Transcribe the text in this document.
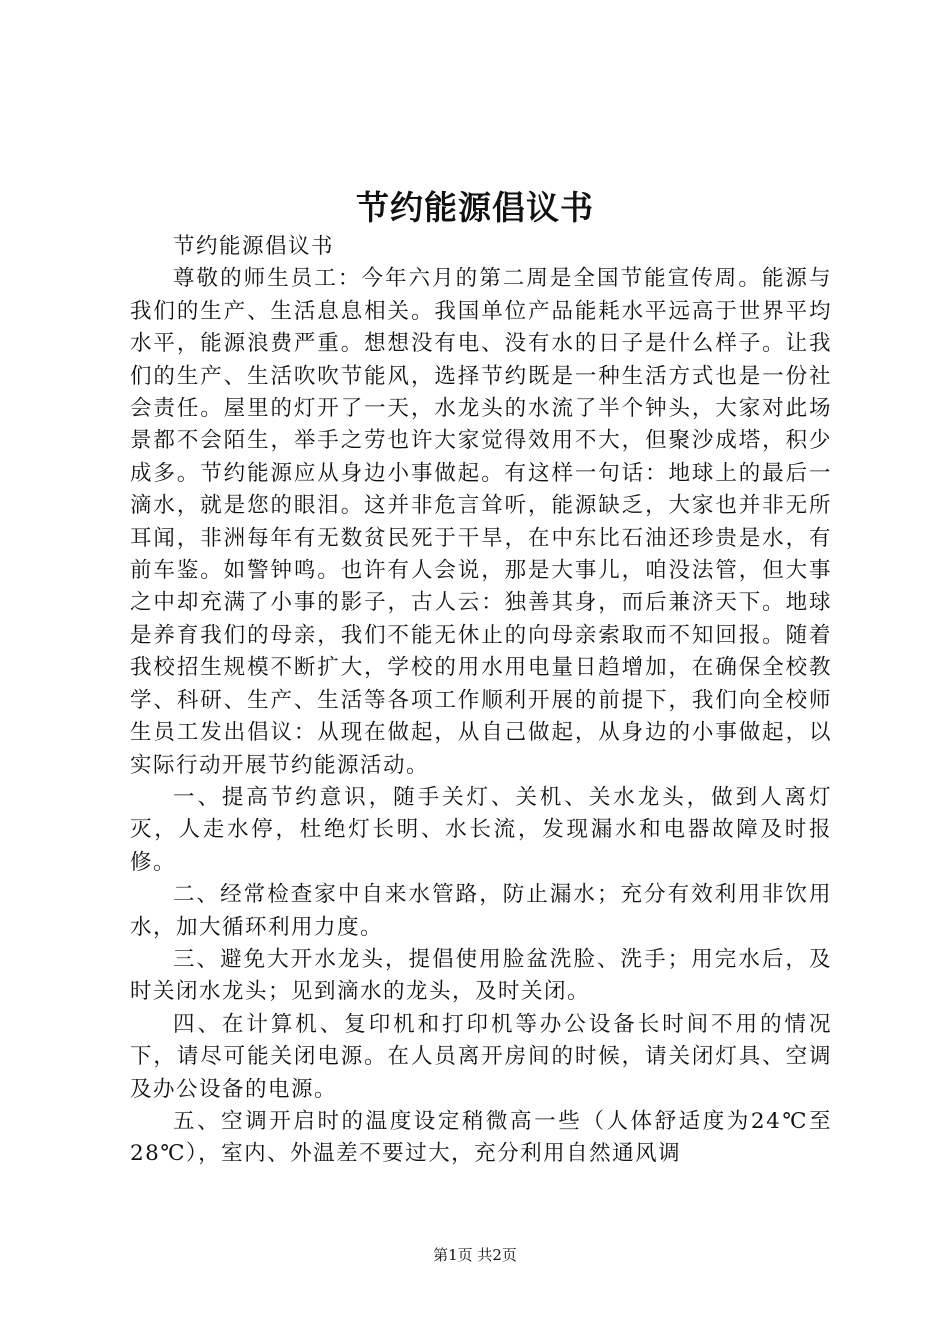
节约能源倡议书

节约能源倡议书

尊敬的师生员工：今年六月的第二周是全国节能宣传周。能源与我们的生产、生活息息相关。我国单位产品能耗水平远高于世界平均水平，能源浪费严重。想想没有电、没有水的日子是什么样子。让我们的生产、生活吹吹节能风，选择节约既是一种生活方式也是一份社会责任。屋里的灯开了一天，水龙头的水流了半个钟头，大家对此场景都不会陌生，举手之劳也许大家觉得效用不大，但聚沙成塔，积少成多。节约能源应从身边小事做起。有这样一句话：地球上的最后一滴水，就是您的眼泪。这并非危言耸听，能源缺乏，大家也并非无所耳闻，非洲每年有无数贫民死于干旱，在中东比石油还珍贵是水，有前车鉴。如警钟鸣。也许有人会说，那是大事儿，咱没法管，但大事之中却充满了小事的影子，古人云：独善其身，而后兼济天下。地球是养育我们的母亲，我们不能无休止的向母亲索取而不知回报。随着我校招生规模不断扩大，学校的用水用电量日趋增加，在确保全校教学、科研、生产、生活等各项工作顺利开展的前提下，我们向全校师生员工发出倡议：从现在做起，从自己做起，从身边的小事做起，以实际行动开展节约能源活动。

一、提高节约意识，随手关灯、关机、关水龙头，做到人离灯灭，人走水停，杜绝灯长明、水长流，发现漏水和电器故障及时报修。

二、经常检查家中自来水管路，防止漏水；充分有效利用非饮用水，加大循环利用力度。

三、避免大开水龙头，提倡使用脸盆洗脸、洗手；用完水后，及时关闭水龙头；见到滴水的龙头，及时关闭。

四、在计算机、复印机和打印机等办公设备长时间不用的情况下，请尽可能关闭电源。在人员离开房间的时候，请关闭灯具、空调及办公设备的电源。

五、空调开启时的温度设定稍微高一些（人体舒适度为24℃至28℃），室内、外温差不要过大，充分利用自然通风调

第1页 共2页
